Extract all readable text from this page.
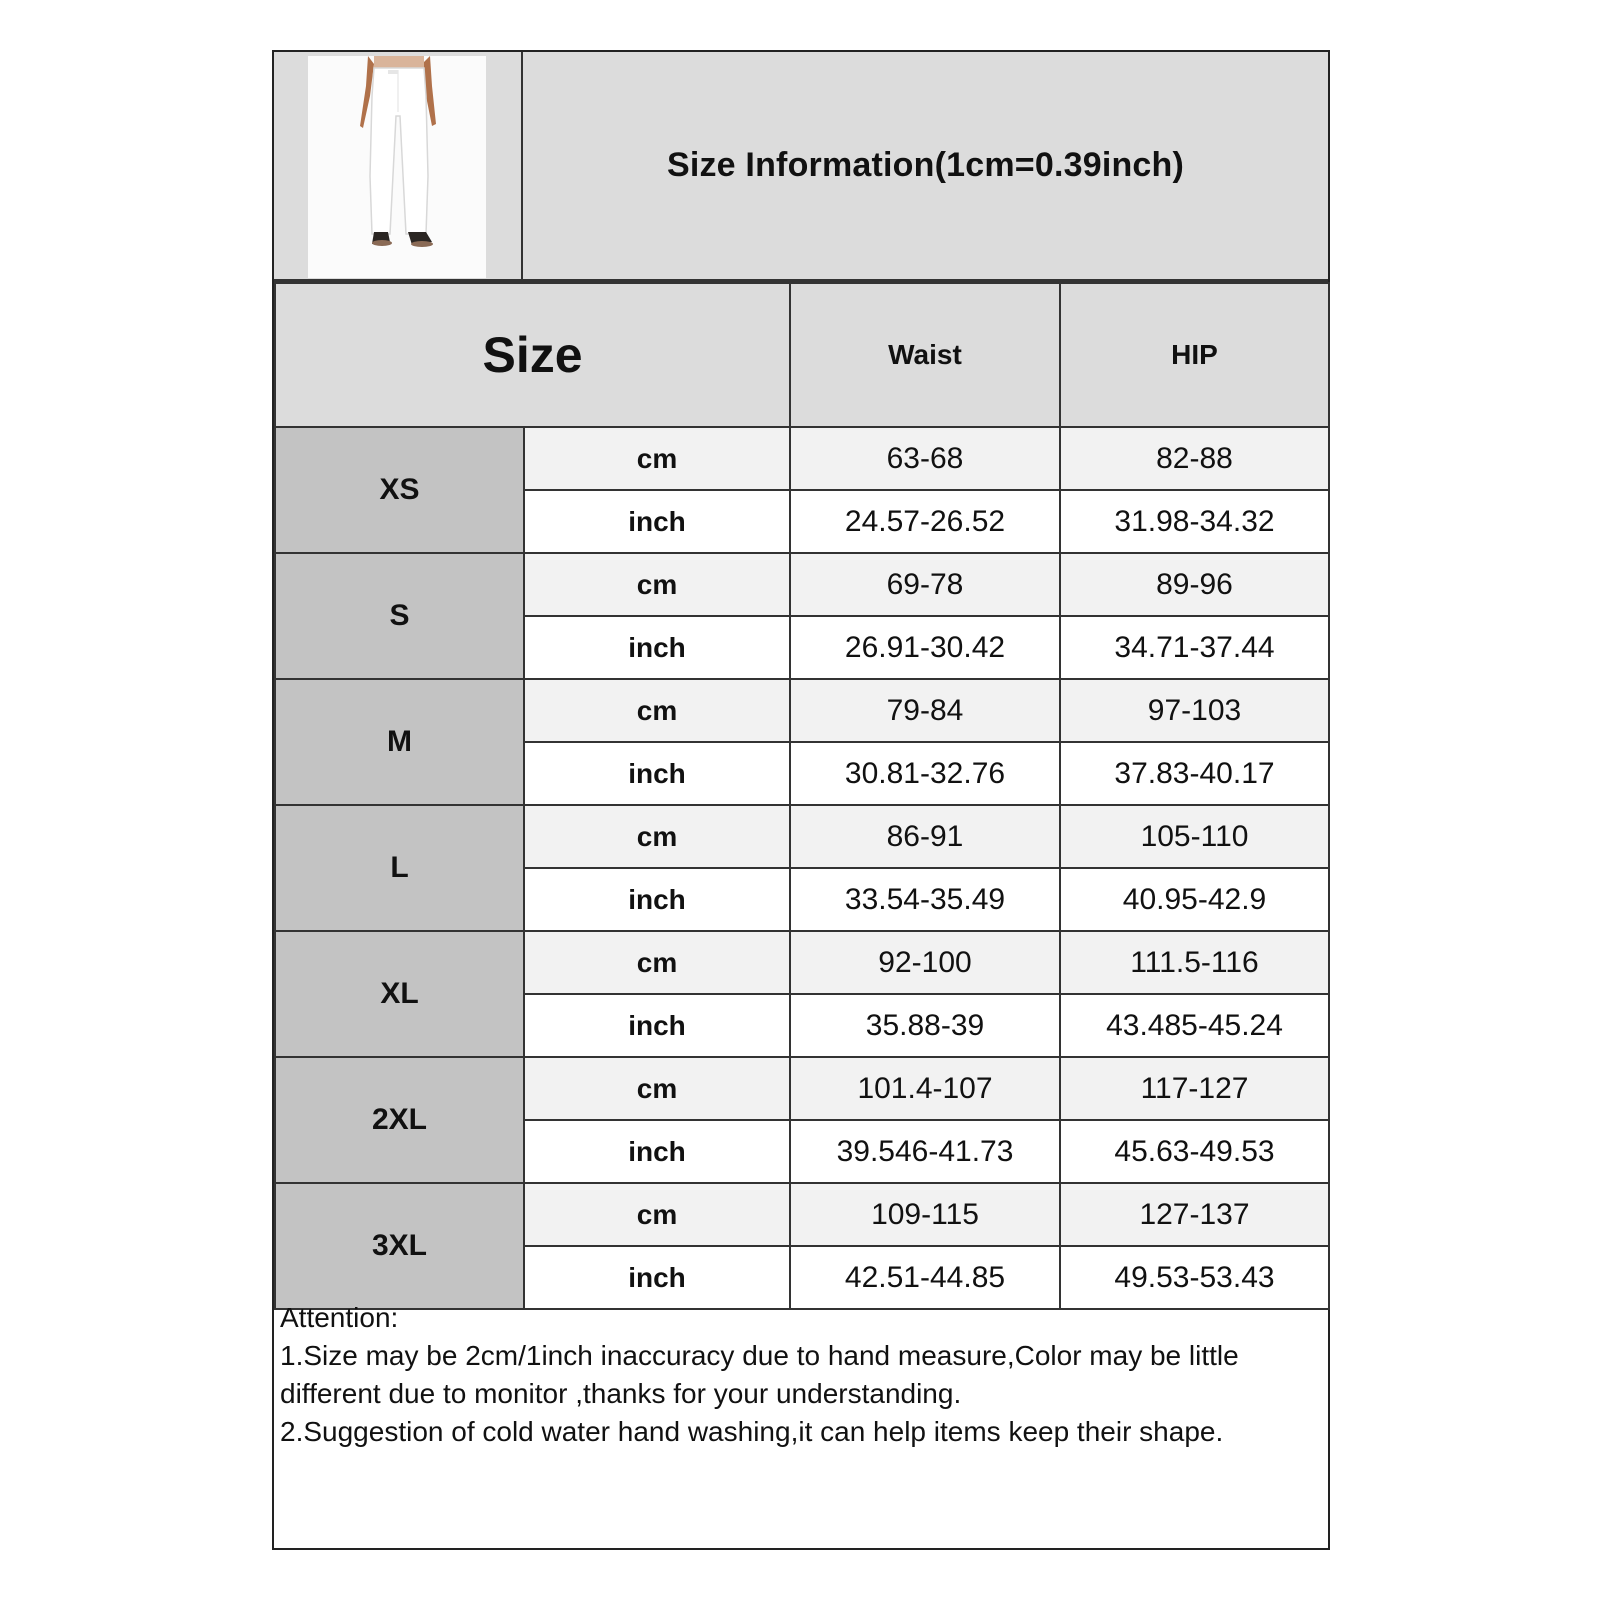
Size Information(1cm=0.39inch)
Size		Waist	HIP
XS	cm	63-68	82-88
	inch	24.57-26.52	31.98-34.32
S	cm	69-78	89-96
	inch	26.91-30.42	34.71-37.44
M	cm	79-84	97-103
	inch	30.81-32.76	37.83-40.17
L	cm	86-91	105-110
	inch	33.54-35.49	40.95-42.9
XL	cm	92-100	111.5-116
	inch	35.88-39	43.485-45.24
2XL	cm	101.4-107	117-127
	inch	39.546-41.73	45.63-49.53
3XL	cm	109-115	127-137
	inch	42.51-44.85	49.53-53.43
Attention:
1.Size may be 2cm/1inch inaccuracy due to hand measure,Color may be little different due to monitor ,thanks for your understanding.
2.Suggestion of cold water hand washing,it can help items keep their shape.
